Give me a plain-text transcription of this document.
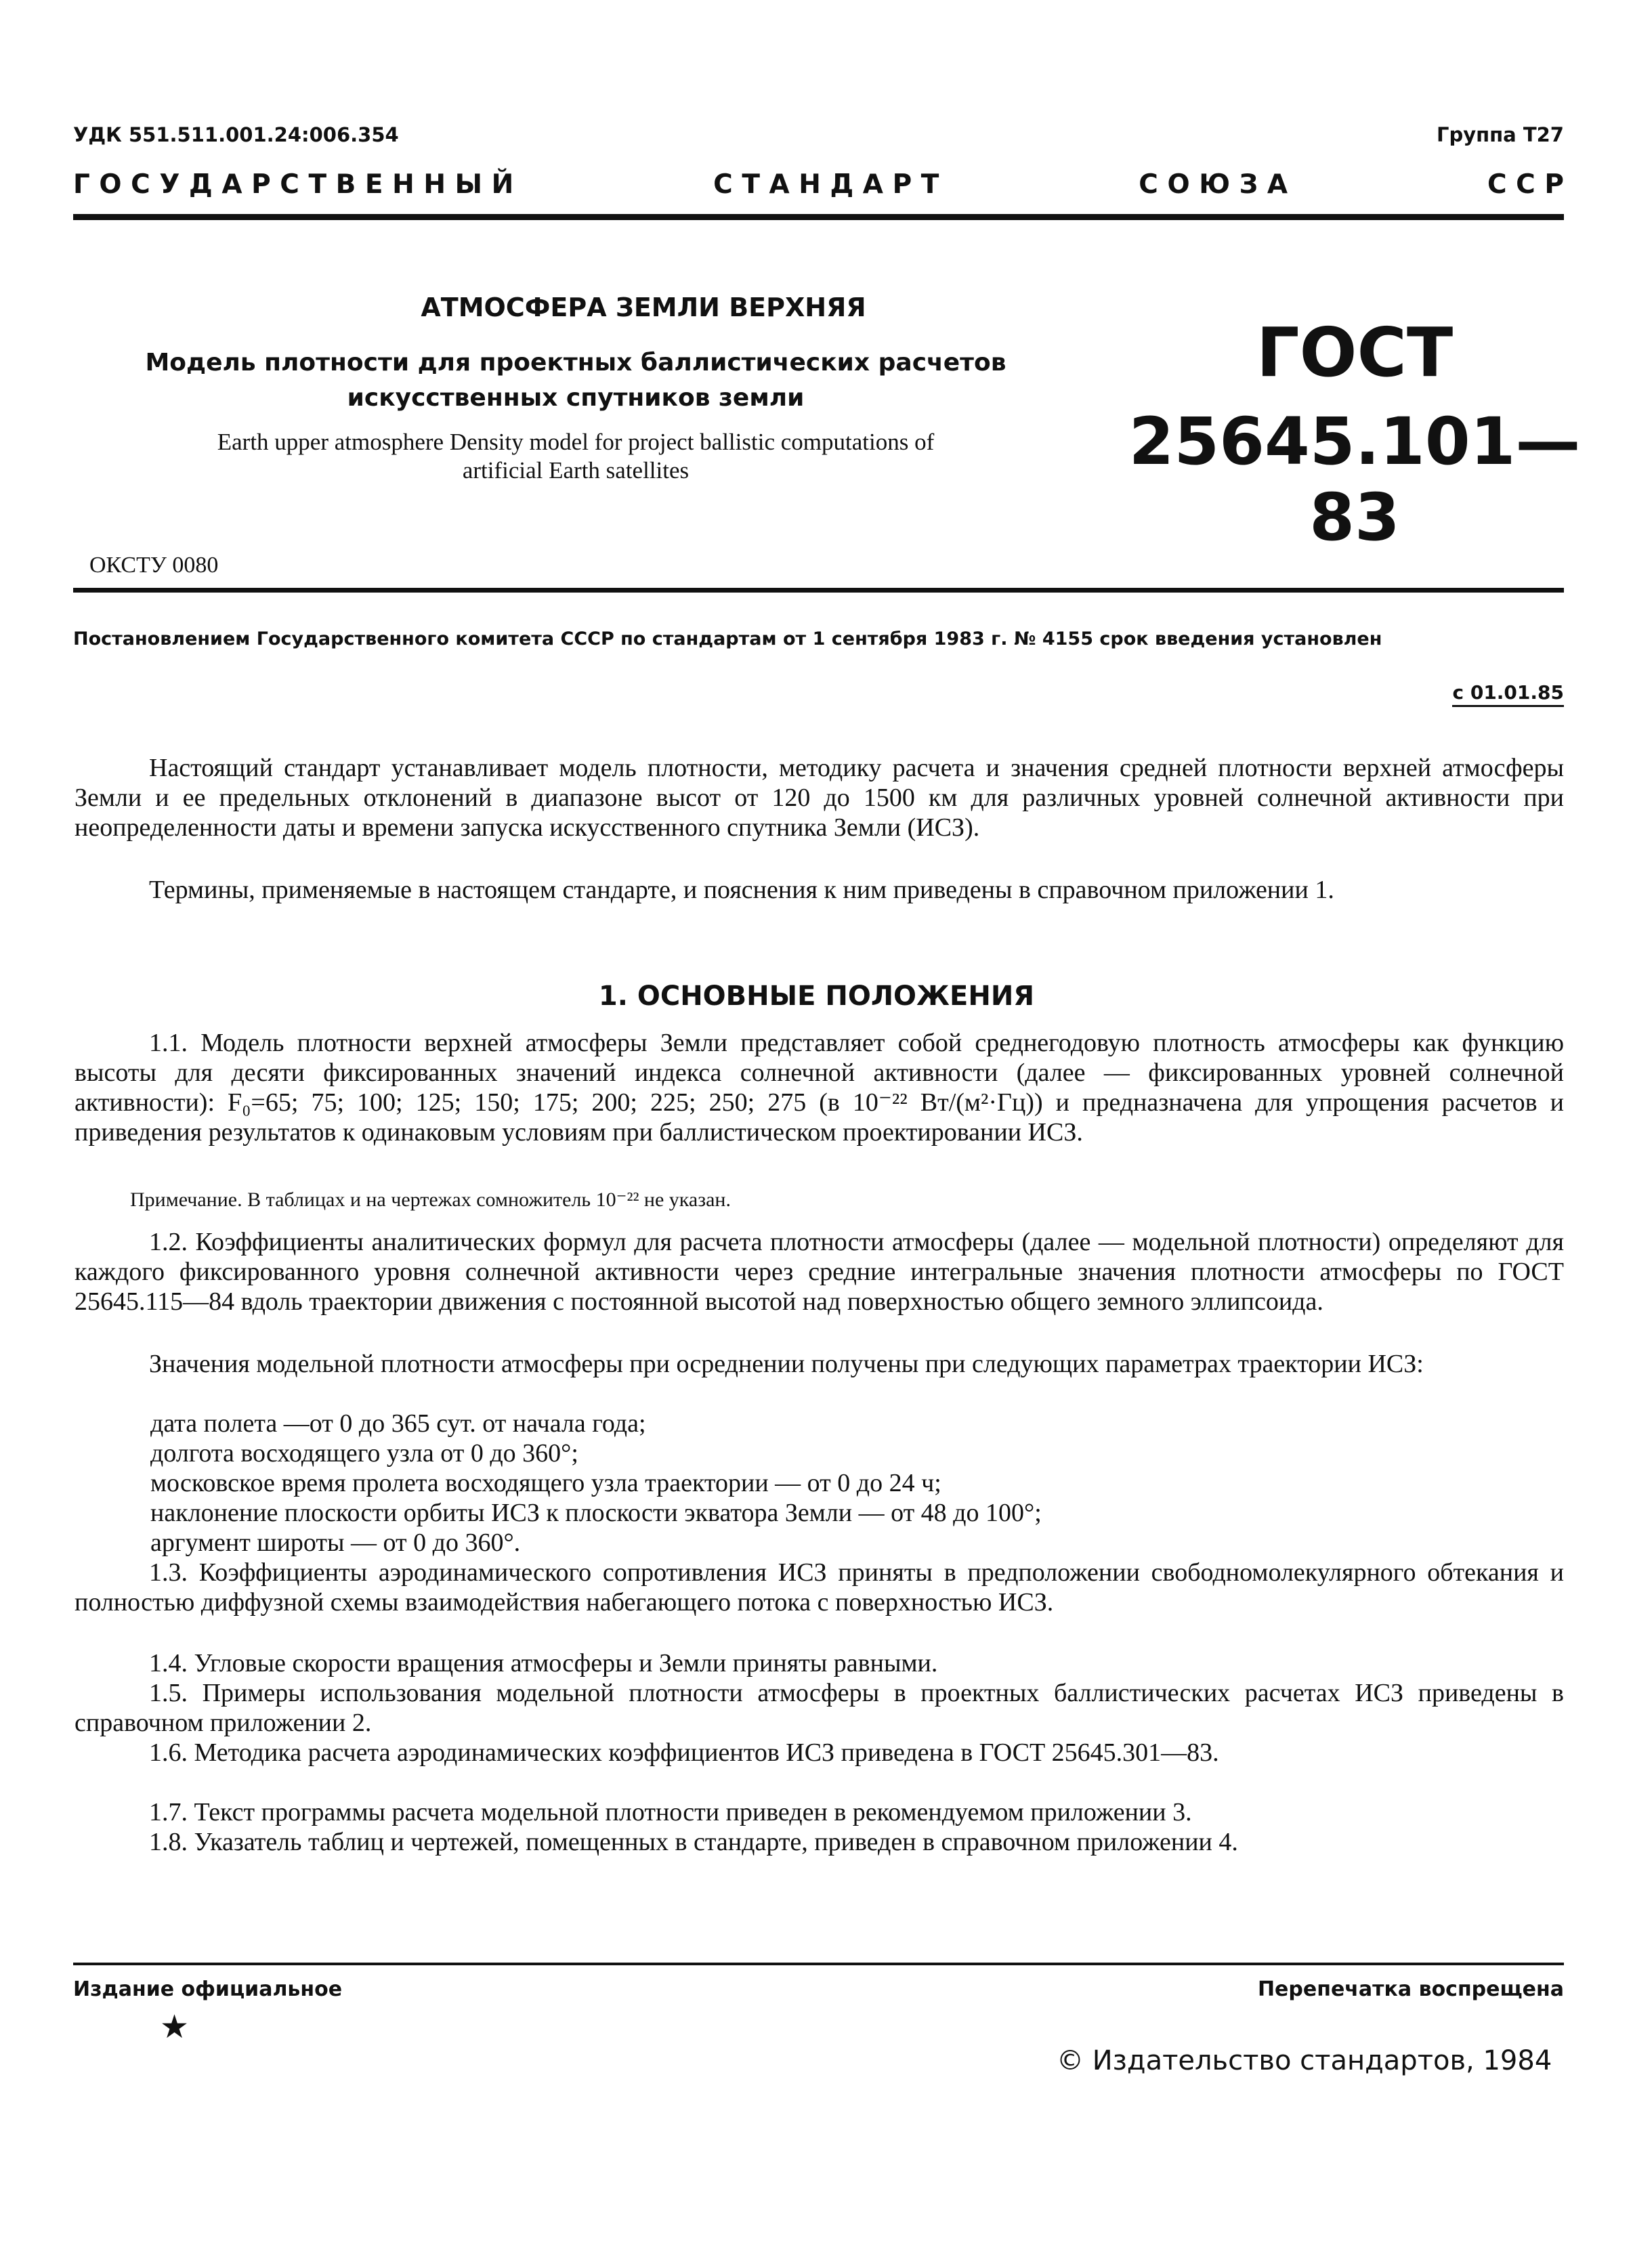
УДК 551.511.001.24:006.354	Группа Т27
Г О С У Д А Р С Т В Е Н Н Ы Й	С Т А Н Д А Р Т	С О Ю З А	С С Р
АТМОСФЕРА ЗЕМЛИ ВЕРХНЯЯ
Модель плотности для проектных баллистических расчетов
искусственных спутников земли
Earth upper atmosphere Density model for project ballistic computations of
artificial Earth satellites
ГОСТ
25645.101—83
ОКСТУ 0080
Постановлением Государственного комитета СССР по стандартам от 1 сентября 1983 г. № 4155 срок введения установлен
с 01.01.85
Настоящий стандарт устанавливает модель плотности, методику расчета и значения средней плотности верхней атмосферы Земли и ее предельных отклонений в диапазоне высот от 120 до 1500 км для различных уровней солнечной активности при неопределенности даты и времени запуска искусственного спутника Земли (ИСЗ).
Термины, применяемые в настоящем стандарте, и пояснения к ним приведены в справочном приложении 1.
1. ОСНОВНЫЕ ПОЛОЖЕНИЯ
1.1. Модель плотности верхней атмосферы Земли представляет собой среднегодовую плотность атмосферы как функцию высоты для десяти фиксированных значений индекса солнечной активности (далее — фиксированных уровней солнечной активности): F₀=65; 75; 100; 125; 150; 175; 200; 225; 250; 275 (в 10⁻²² Вт/(м²·Гц)) и предназначена для упрощения расчетов и приведения результатов к одинаковым условиям при баллистическом проектировании ИСЗ.
Примечание. В таблицах и на чертежах сомножитель 10⁻²² не указан.
1.2. Коэффициенты аналитических формул для расчета плотности атмосферы (далее — модельной плотности) определяют для каждого фиксированного уровня солнечной активности через средние интегральные значения плотности атмосферы по ГОСТ 25645.115—84 вдоль траектории движения с постоянной высотой над поверхностью общего земного эллипсоида.
Значения модельной плотности атмосферы при осреднении получены при следующих параметрах траектории ИСЗ:
дата полета —от 0 до 365 сут. от начала года;
долгота восходящего узла от 0 до 360°;
московское время пролета восходящего узла траектории — от 0 до 24 ч;
наклонение плоскости орбиты ИСЗ к плоскости экватора Земли — от 48 до 100°;
аргумент широты — от 0 до 360°.
1.3. Коэффициенты аэродинамического сопротивления ИСЗ приняты в предположении свободномолекулярного обтекания и полностью диффузной схемы взаимодействия набегающего потока с поверхностью ИСЗ.
1.4. Угловые скорости вращения атмосферы и Земли приняты равными.
1.5. Примеры использования модельной плотности атмосферы в проектных баллистических расчетах ИСЗ приведены в справочном приложении 2.
1.6. Методика расчета аэродинамических коэффициентов ИСЗ приведена в ГОСТ 25645.301—83.
1.7. Текст программы расчета модельной плотности приведен в рекомендуемом приложении 3.
1.8. Указатель таблиц и чертежей, помещенных в стандарте, приведен в справочном приложении 4.
Издание официальное	Перепечатка воспрещена
★
© Издательство стандартов, 1984
